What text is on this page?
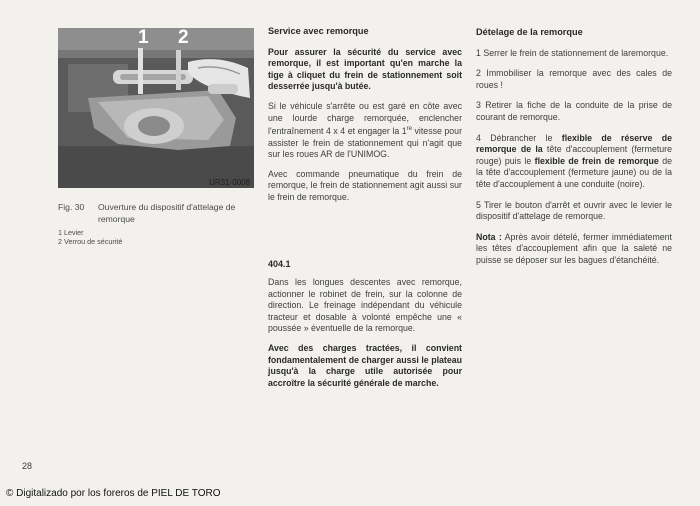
1 2
UR31-0008
Fig. 30 Ouverture du dispositif d'attelage de remorque
1 Levier
2 Verrou de sécurité
Service avec remorque

Pour assurer la sécurité du service avec remorque, il est important qu'en marche la tige à cliquet du frein de stationnement soit desserrée jusqu'à butée.

Si le véhicule s'arrête ou est garé en côte avec une lourde charge remorquée, enclencher l'entraînement 4 x 4 et engager la 1re vitesse pour assister le frein de stationnement qui n'agit que sur les roues AR de l'UNIMOG.

Avec commande pneumatique du frein de remorque, le frein de stationnement agit aussi sur le frein de remorque.

404.1

Dans les longues descentes avec remorque, actionner le robinet de frein, sur la colonne de direction. Le freinage indépendant du véhicule tracteur et dosable à volonté empêche une « poussée » éventuelle de la remorque.

Avec des charges tractées, il convient fondamentalement de charger aussi le plateau jusqu'à la charge utile autorisée pour accroître la sécurité générale de marche.

Dételage de la remorque
1 Serrer le frein de stationnement de laremorque.
2 Immobiliser la remorque avec des cales de roues !
3 Retirer la fiche de la conduite de la prise de courant de remorque.
4 Débrancher le flexible de réserve de remorque de la tête d'accouplement (fermeture rouge) puis le flexible de frein de remorque de la tête d'accouplement (fermeture jaune) ou de la tête d'accouplement à une conduite (noire).
5 Tirer le bouton d'arrêt et ouvrir avec le levier le dispositif d'attelage de remorque.
Nota : Après avoir dételé, fermer immédiatement les têtes d'accouplement afin que la saleté ne puisse se déposer sur les bagues d'étanchéité.
28
© Digitalizado por los foreros de PIEL DE TORO
